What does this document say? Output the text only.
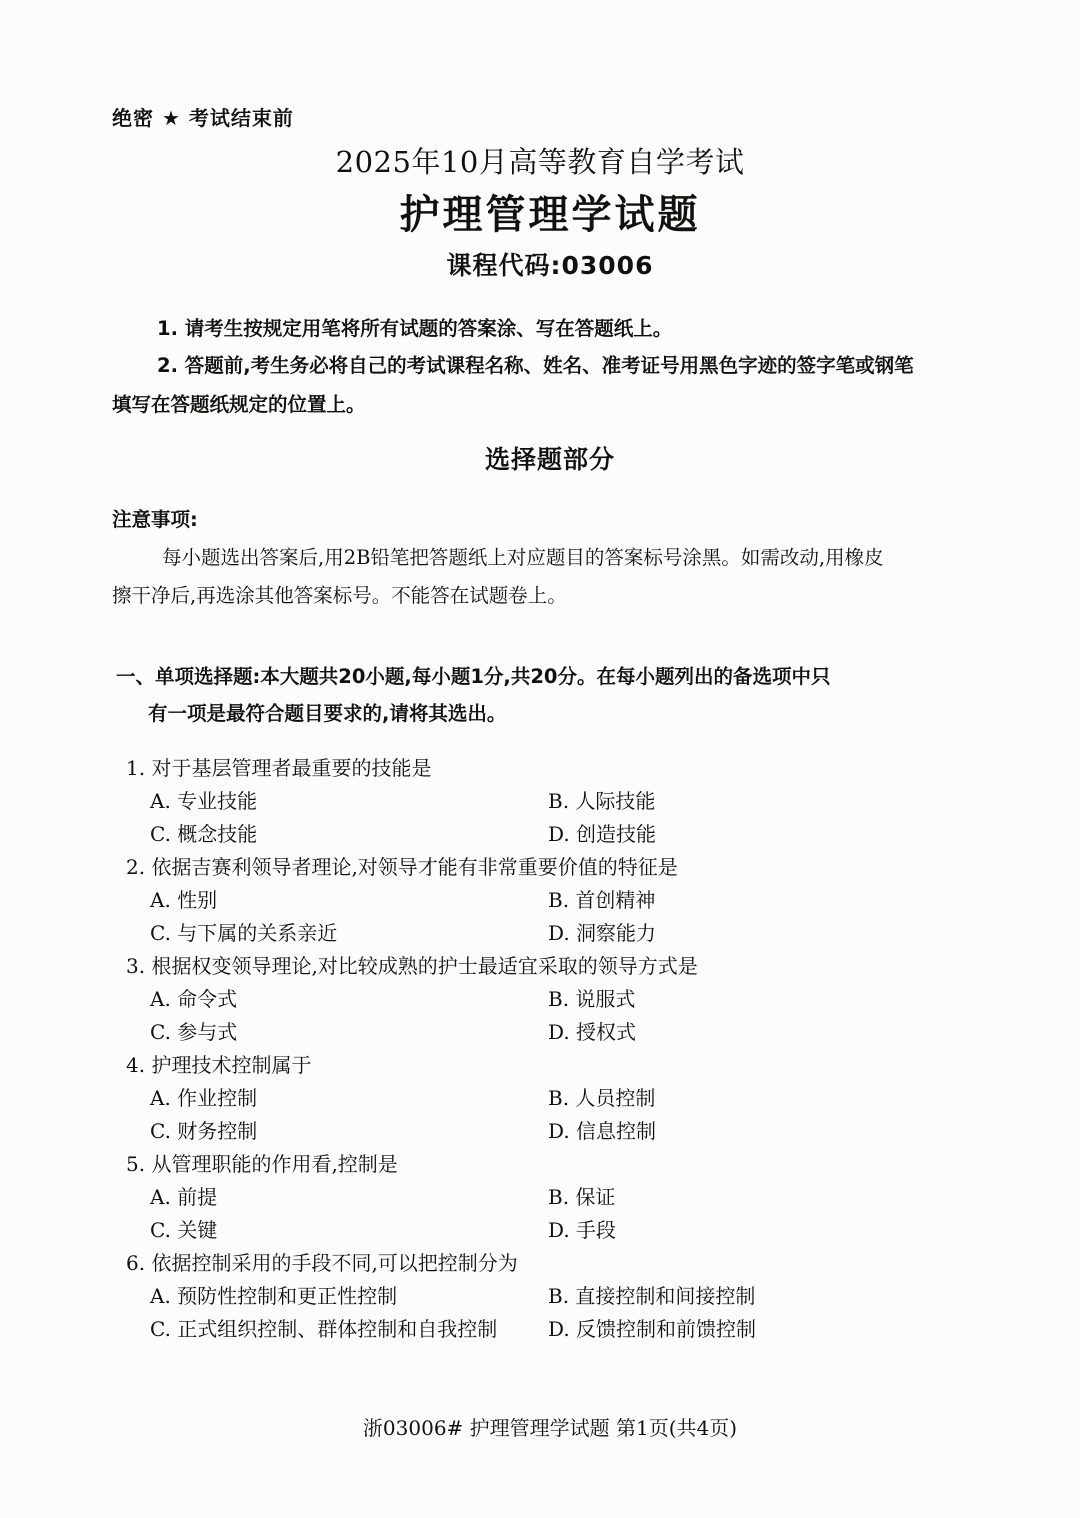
绝密 ★ 考试结束前
2025年10月高等教育自学考试
护理管理学试题
课程代码:03006
1. 请考生按规定用笔将所有试题的答案涂、写在答题纸上。
2. 答题前,考生务必将自己的考试课程名称、姓名、准考证号用黑色字迹的签字笔或钢笔
填写在答题纸规定的位置上。
选择题部分
注意事项:
每小题选出答案后,用2B铅笔把答题纸上对应题目的答案标号涂黑。如需改动,用橡皮
擦干净后,再选涂其他答案标号。不能答在试题卷上。
一、单项选择题:本大题共20小题,每小题1分,共20分。在每小题列出的备选项中只
有一项是最符合题目要求的,请将其选出。
1. 对于基层管理者最重要的技能是
A. 专业技能	B. 人际技能
C. 概念技能	D. 创造技能
2. 依据吉赛利领导者理论,对领导才能有非常重要价值的特征是
A. 性别	B. 首创精神
C. 与下属的关系亲近	D. 洞察能力
3. 根据权变领导理论,对比较成熟的护士最适宜采取的领导方式是
A. 命令式	B. 说服式
C. 参与式	D. 授权式
4. 护理技术控制属于
A. 作业控制	B. 人员控制
C. 财务控制	D. 信息控制
5. 从管理职能的作用看,控制是
A. 前提	B. 保证
C. 关键	D. 手段
6. 依据控制采用的手段不同,可以把控制分为
A. 预防性控制和更正性控制	B. 直接控制和间接控制
C. 正式组织控制、群体控制和自我控制	D. 反馈控制和前馈控制
浙03006# 护理管理学试题 第1页(共4页)
